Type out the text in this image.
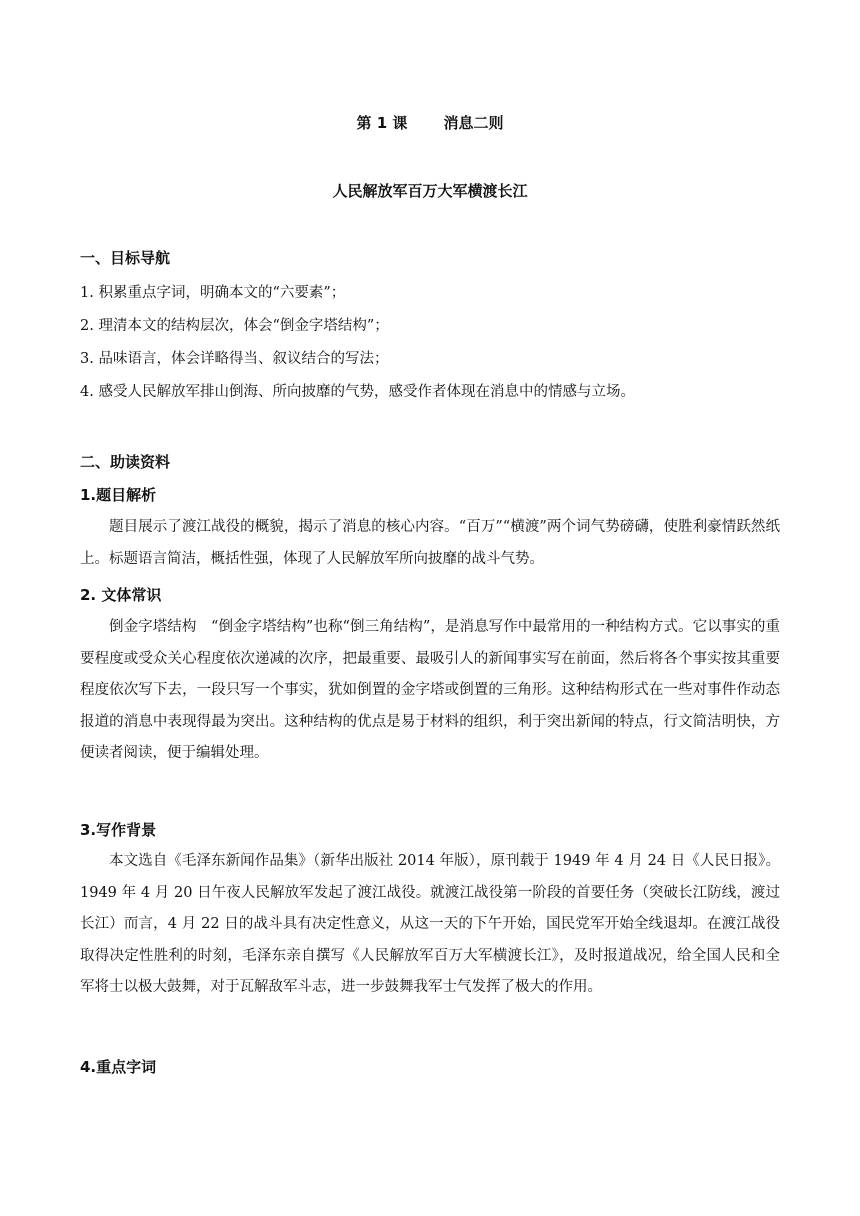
第 1 课 消息二则
人民解放军百万大军横渡长江
一、目标导航
1. 积累重点字词，明确本文的“六要素”；
2. 理清本文的结构层次，体会“倒金字塔结构”；
3. 品味语言，体会详略得当、叙议结合的写法；
4. 感受人民解放军排山倒海、所向披靡的气势，感受作者体现在消息中的情感与立场。
二、助读资料
1.题目解析

题目展示了渡江战役的概貌，揭示了消息的核心内容。“百万”“横渡”两个词气势磅礴，使胜利豪情跃然纸上。标题语言简洁，概括性强，体现了人民解放军所向披靡的战斗气势。

2. 文体常识

倒金字塔结构　“倒金字塔结构”也称“倒三角结构”，是消息写作中最常用的一种结构方式。它以事实的重要程度或受众关心程度依次递减的次序，把最重要、最吸引人的新闻事实写在前面，然后将各个事实按其重要程度依次写下去，一段只写一个事实，犹如倒置的金字塔或倒置的三角形。这种结构形式在一些对事件作动态报道的消息中表现得最为突出。这种结构的优点是易于材料的组织，利于突出新闻的特点，行文简洁明快，方便读者阅读，便于编辑处理。

3.写作背景

本文选自《毛泽东新闻作品集》（新华出版社 2014 年版），原刊载于 1949 年 4 月 24 日《人民日报》。1949 年 4 月 20 日午夜人民解放军发起了渡江战役。就渡江战役第一阶段的首要任务（突破长江防线，渡过长江）而言，4 月 22 日的战斗具有决定性意义，从这一天的下午开始，国民党军开始全线退却。在渡江战役取得决定性胜利的时刻，毛泽东亲自撰写《人民解放军百万大军横渡长江》，及时报道战况，给全国人民和全军将士以极大鼓舞，对于瓦解敌军斗志，进一步鼓舞我军士气发挥了极大的作用。

4.重点字词
